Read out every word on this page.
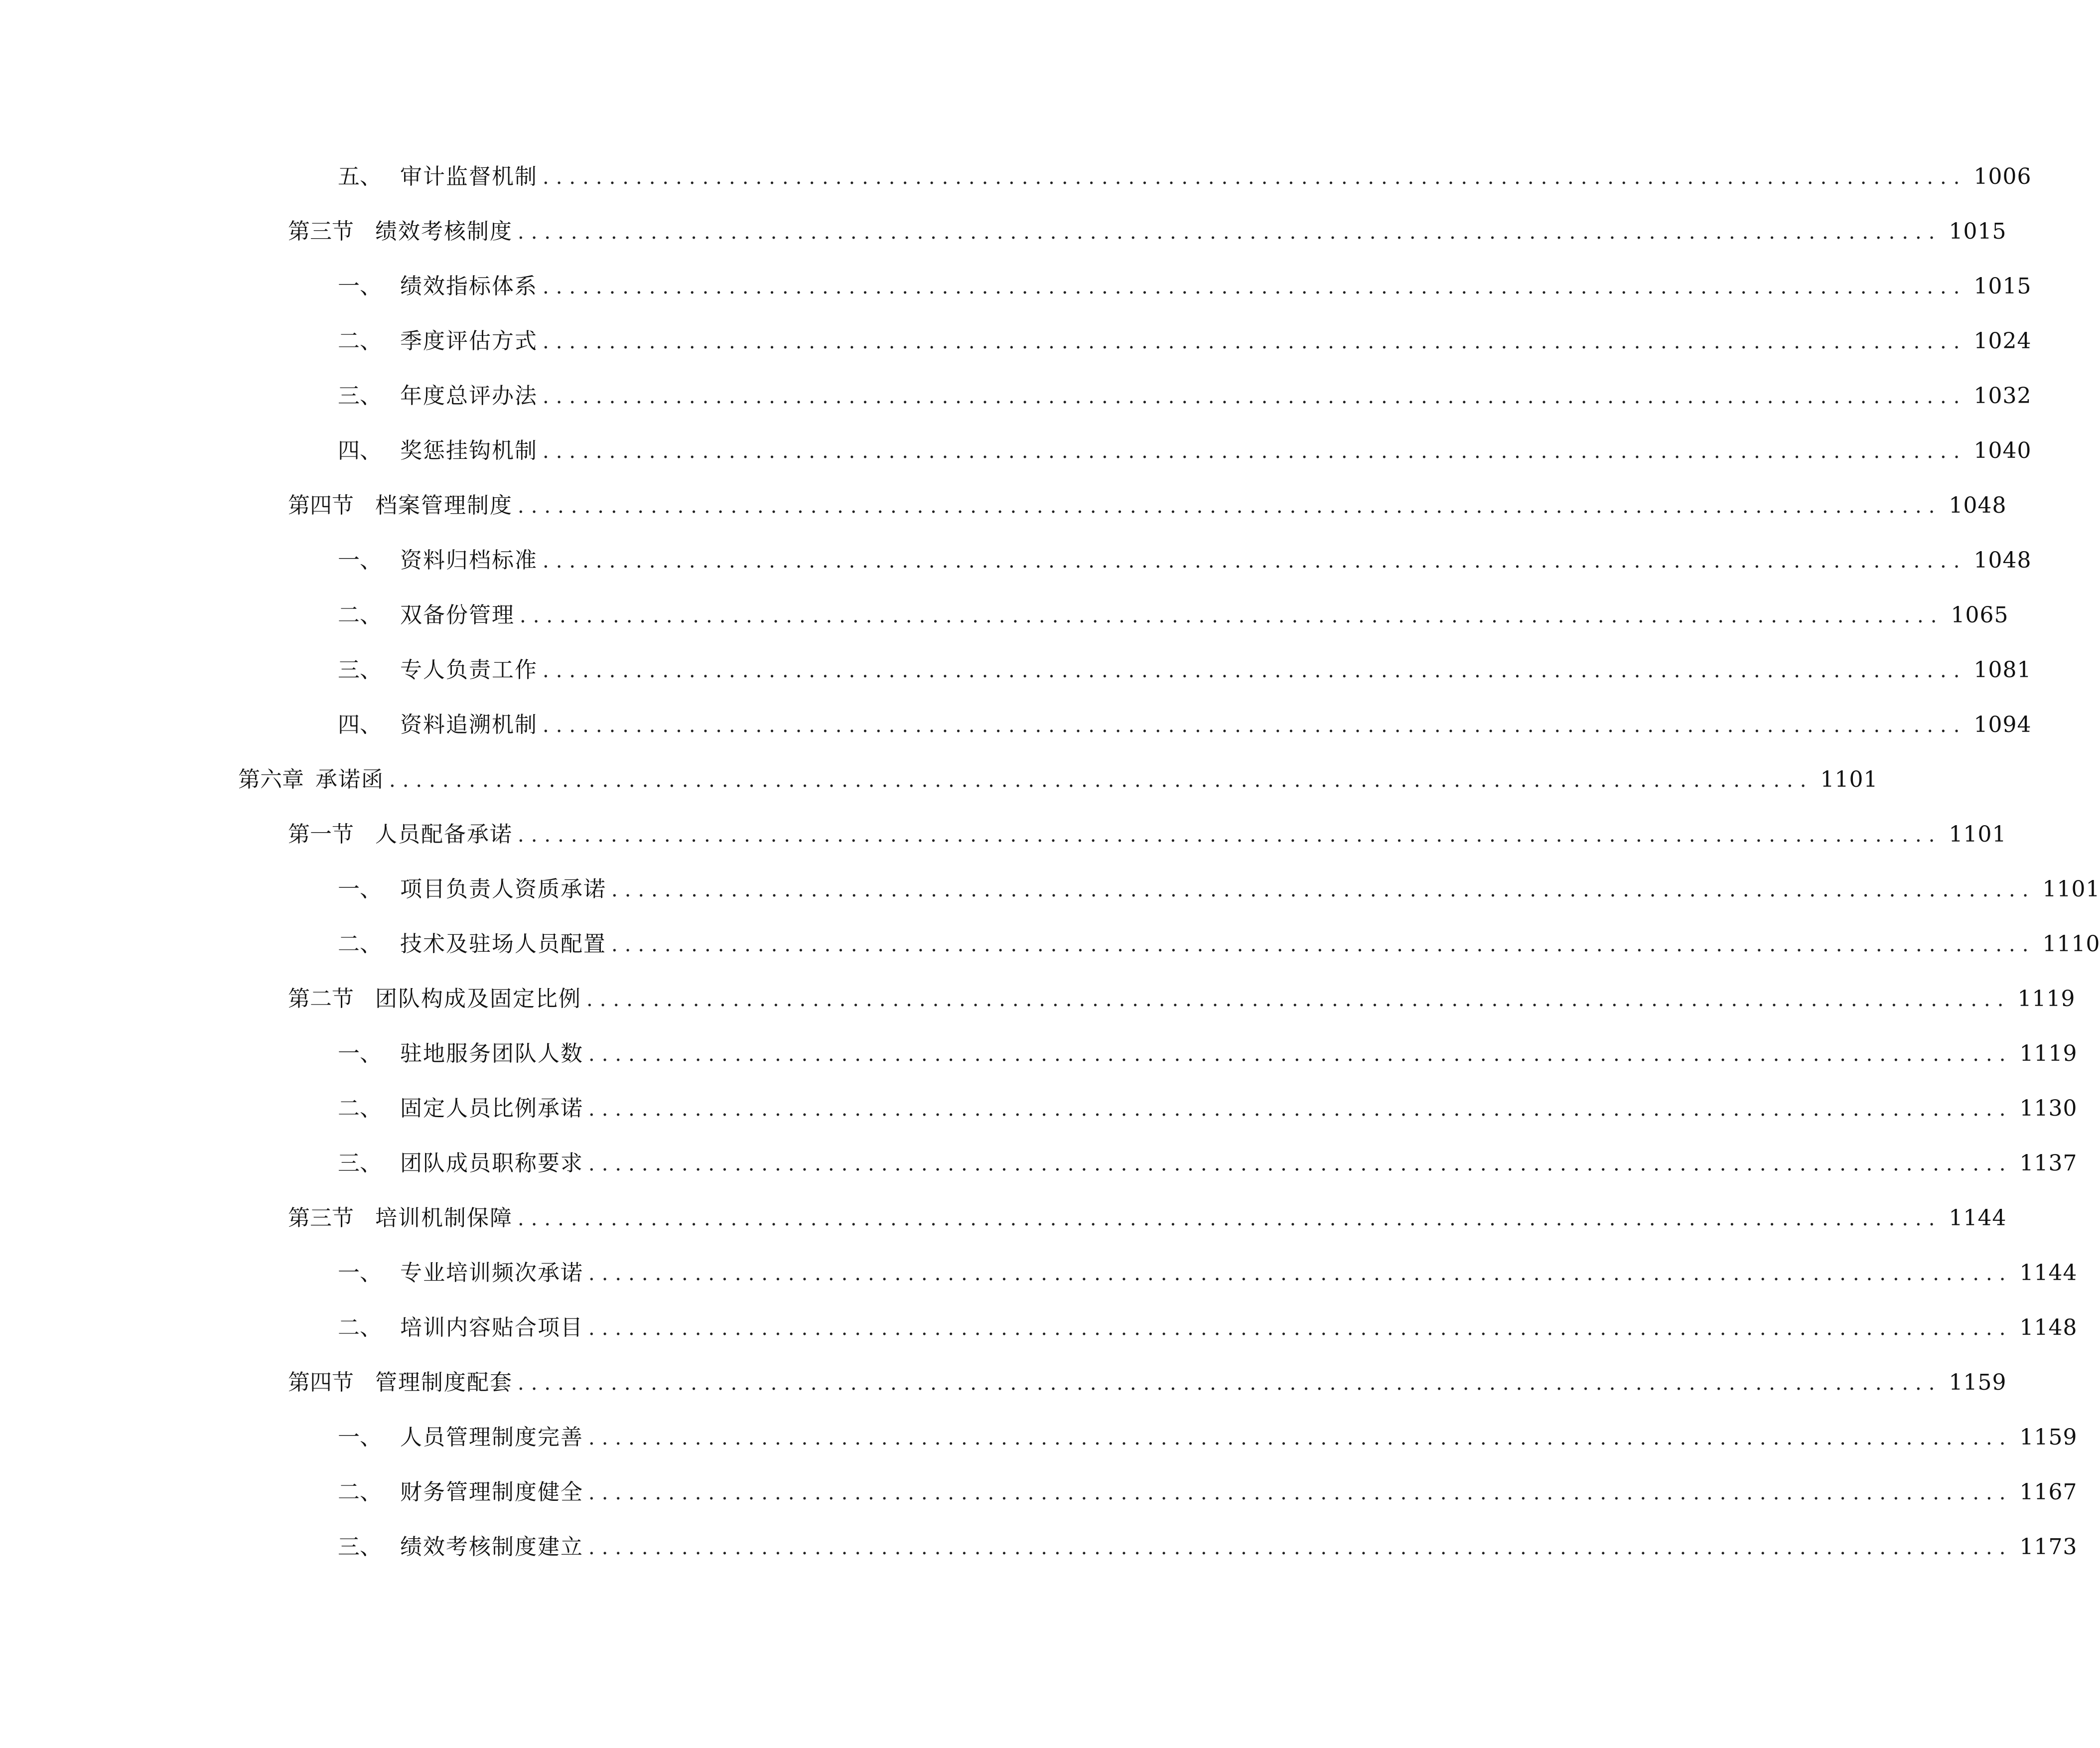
五、 审计监督机制 ........................................................................................................... 1006
第三节 绩效考核制度 ........................................................................................................... 1015
一、 绩效指标体系 ........................................................................................................... 1015
二、 季度评估方式 ........................................................................................................... 1024
三、 年度总评办法 ........................................................................................................... 1032
四、 奖惩挂钩机制 ........................................................................................................... 1040
第四节 档案管理制度 ........................................................................................................... 1048
一、 资料归档标准 ........................................................................................................... 1048
二、 双备份管理 ........................................................................................................... 1065
三、 专人负责工作 ........................................................................................................... 1081
四、 资料追溯机制 ........................................................................................................... 1094
第六章 承诺函 ........................................................................................................... 1101
第一节 人员配备承诺 ........................................................................................................... 1101
一、 项目负责人资质承诺 ........................................................................................................... 1101
二、 技术及驻场人员配置 ........................................................................................................... 1110
第二节 团队构成及固定比例 ........................................................................................................... 1119
一、 驻地服务团队人数 ........................................................................................................... 1119
二、 固定人员比例承诺 ........................................................................................................... 1130
三、 团队成员职称要求 ........................................................................................................... 1137
第三节 培训机制保障 ........................................................................................................... 1144
一、 专业培训频次承诺 ........................................................................................................... 1144
二、 培训内容贴合项目 ........................................................................................................... 1148
第四节 管理制度配套 ........................................................................................................... 1159
一、 人员管理制度完善 ........................................................................................................... 1159
二、 财务管理制度健全 ........................................................................................................... 1167
三、 绩效考核制度建立 ........................................................................................................... 1173
